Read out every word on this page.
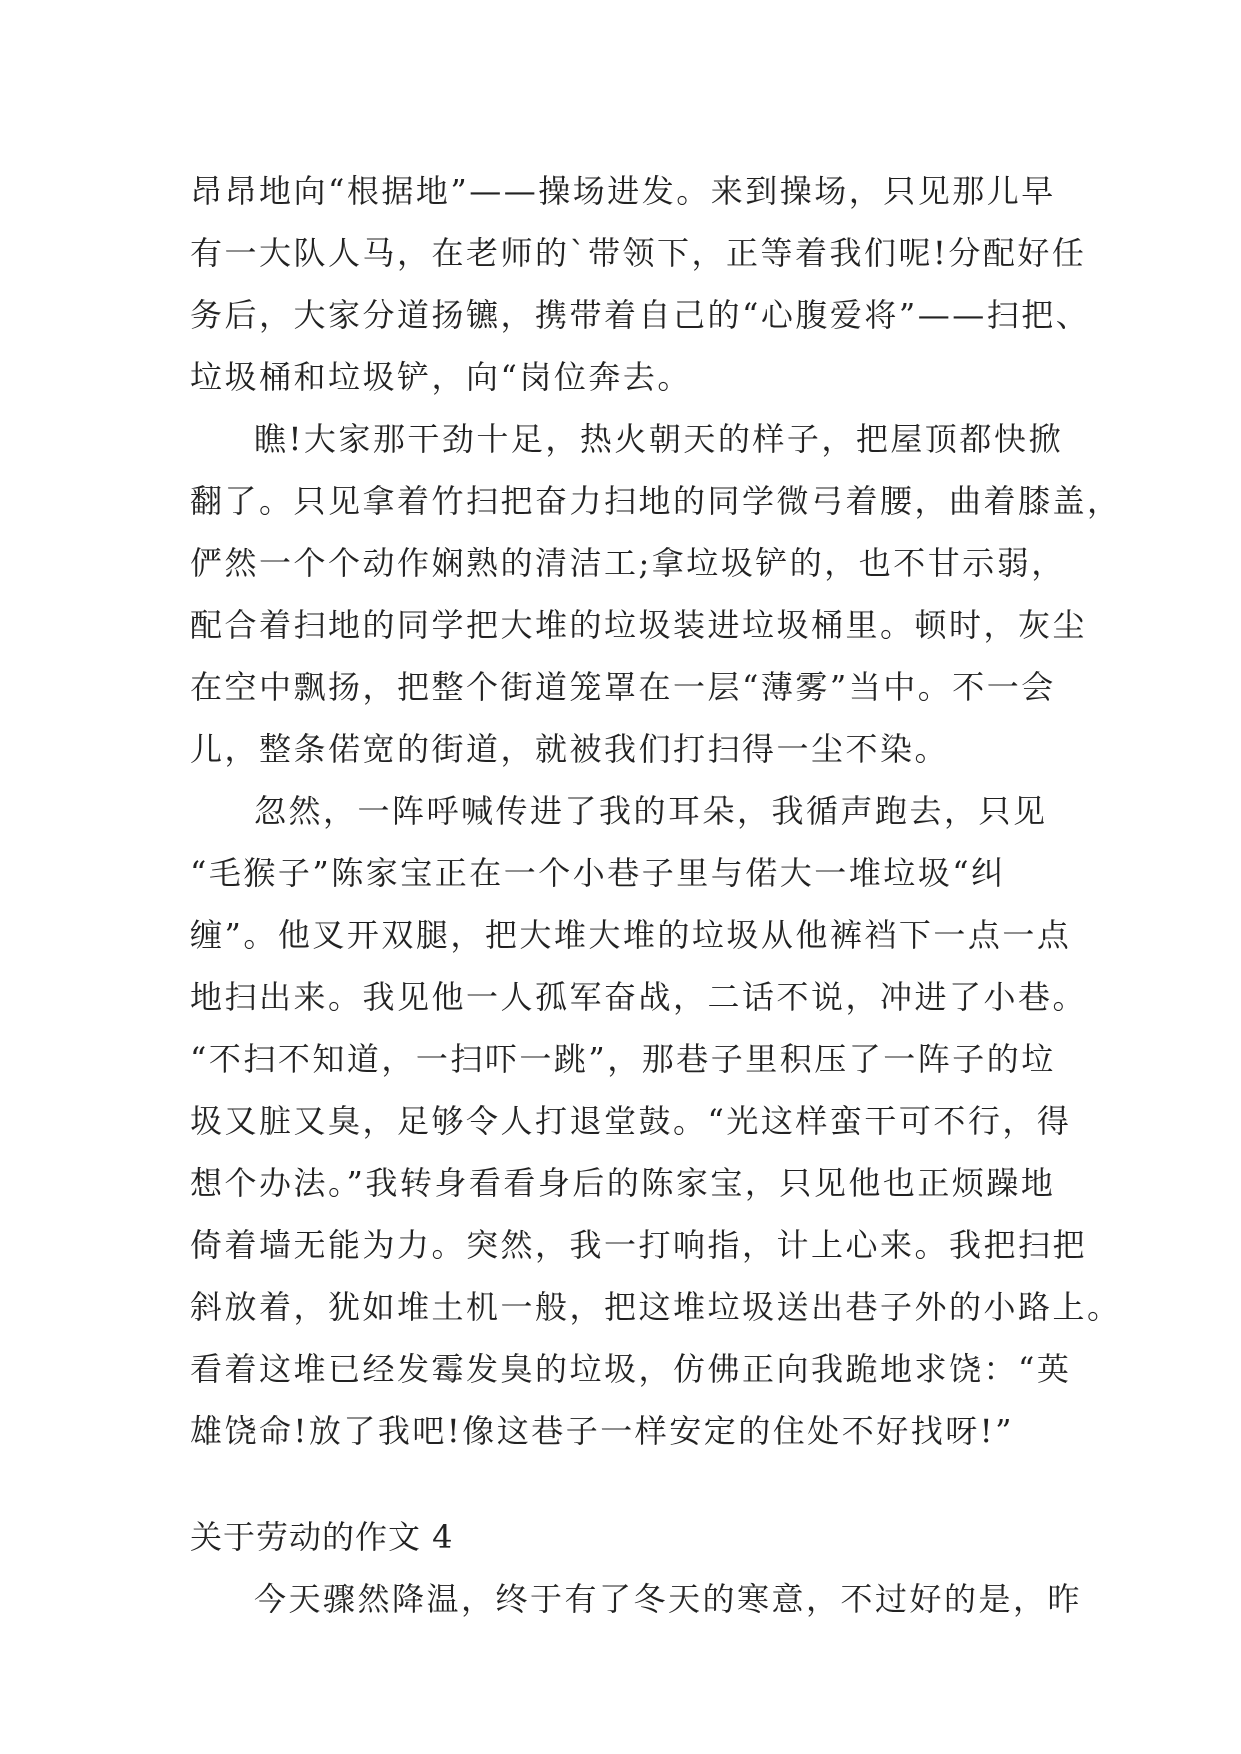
昂昂地向“根据地”——操场进发。来到操场，只见那儿早
有一大队人马，在老师的`带领下，正等着我们呢!分配好任
务后，大家分道扬镳，携带着自己的“心腹爱将”——扫把、
垃圾桶和垃圾铲，向“岗位奔去。
瞧!大家那干劲十足，热火朝天的样子，把屋顶都快掀
翻了。只见拿着竹扫把奋力扫地的同学微弓着腰，曲着膝盖，
俨然一个个动作娴熟的清洁工;拿垃圾铲的，也不甘示弱，
配合着扫地的同学把大堆的垃圾装进垃圾桶里。顿时，灰尘
在空中飘扬，把整个街道笼罩在一层“薄雾”当中。不一会
儿，整条偌宽的街道，就被我们打扫得一尘不染。
忽然，一阵呼喊传进了我的耳朵，我循声跑去，只见
“毛猴子”陈家宝正在一个小巷子里与偌大一堆垃圾“纠
缠”。他叉开双腿，把大堆大堆的垃圾从他裤裆下一点一点
地扫出来。我见他一人孤军奋战，二话不说，冲进了小巷。
“不扫不知道，一扫吓一跳”，那巷子里积压了一阵子的垃
圾又脏又臭，足够令人打退堂鼓。“光这样蛮干可不行，得
想个办法。”我转身看看身后的陈家宝，只见他也正烦躁地
倚着墙无能为力。突然，我一打响指，计上心来。我把扫把
斜放着，犹如堆土机一般，把这堆垃圾送出巷子外的小路上。
看着这堆已经发霉发臭的垃圾，仿佛正向我跪地求饶：“英
雄饶命!放了我吧!像这巷子一样安定的住处不好找呀!”
关于劳动的作文 4
今天骤然降温，终于有了冬天的寒意，不过好的是，昨
